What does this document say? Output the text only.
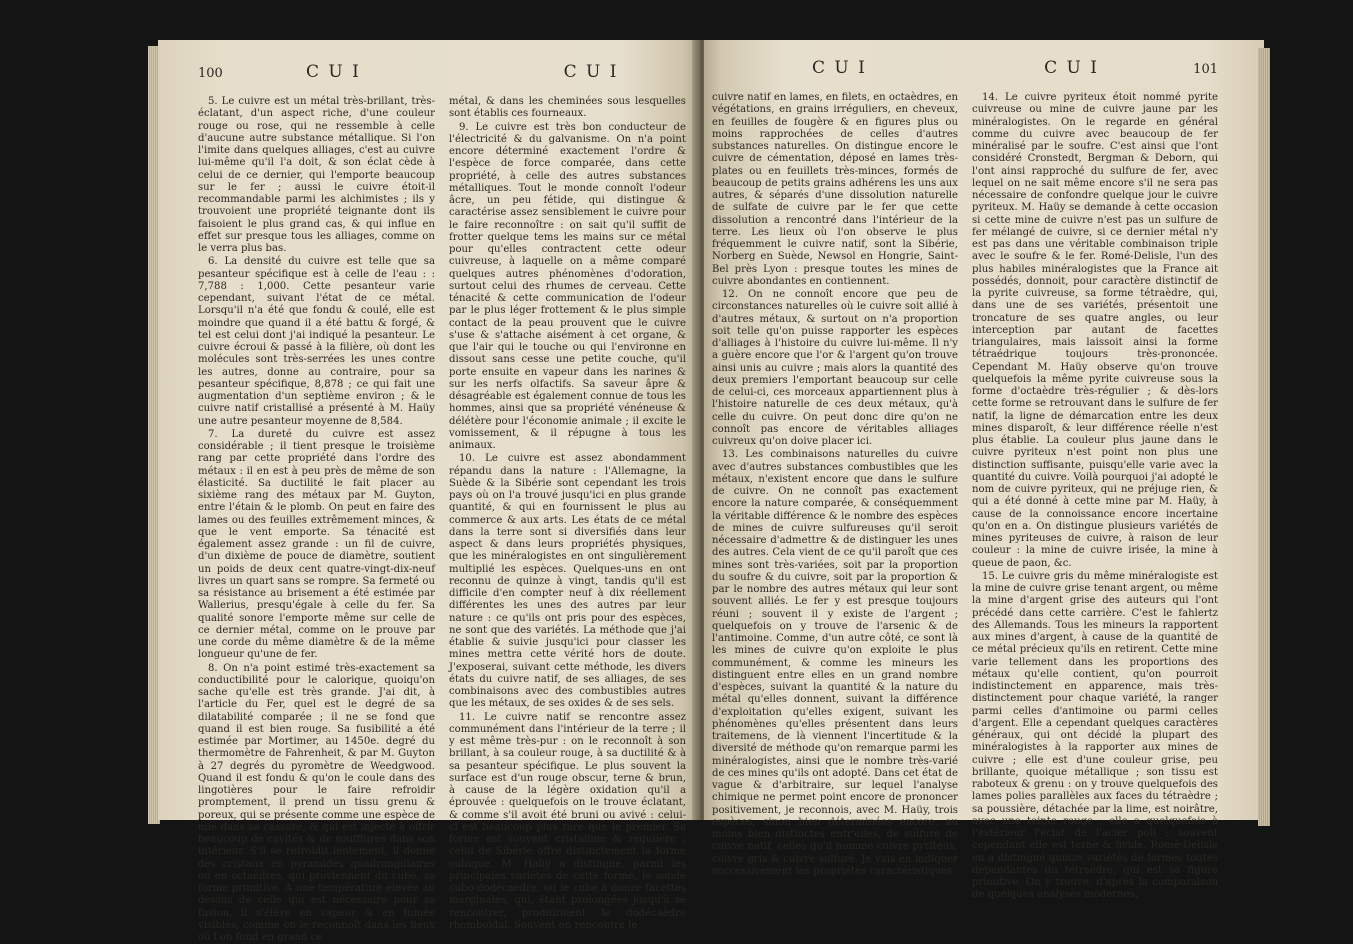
100	C U I	C U I

5. Le cuivre est un métal très-brillant, très-éclatant, d'un aspect riche, d'une couleur rouge ou rose, qui ne ressemble à celle d'aucune autre substance métallique. Si l'on l'imite dans quelques alliages, c'est au cuivre lui-même qu'il l'a doit, & son éclat cède à celui de ce dernier, qui l'emporte beaucoup sur le fer ; aussi le cuivre étoit-il recommandable parmi les alchimistes ; ils y trouvoient une propriété teignante dont ils faisoient le plus grand cas, & qui influe en effet sur presque tous les alliages, comme on le verra plus bas.

6. La densité du cuivre est telle que sa pesanteur spécifique est à celle de l'eau : : 7,788 : 1,000. Cette pesanteur varie cependant, suivant l'état de ce métal. Lorsqu'il n'a été que fondu & coulé, elle est moindre que quand il a été battu & forgé, & tel est celui dont j'ai indiqué la pesanteur. Le cuivre écroui & passé à la filière, où dont les molécules sont très-serrées les unes contre les autres, donne au contraire, pour sa pesanteur spécifique, 8,878 ; ce qui fait une augmentation d'un septième environ ; & le cuivre natif cristallisé a présenté à M. Haüy une autre pesanteur moyenne de 8,584.

7. La dureté du cuivre est assez considérable ; il tient presque le troisième rang par cette propriété dans l'ordre des métaux : il en est à peu près de même de son élasticité. Sa ductilité le fait placer au sixième rang des métaux par M. Guyton, entre l'étain & le plomb. On peut en faire des lames ou des feuilles extrêmement minces, & que le vent emporte. Sa ténacité est également assez grande : un fil de cuivre, d'un dixième de pouce de diamètre, soutient un poids de deux cent quatre-vingt-dix-neuf livres un quart sans se rompre. Sa fermeté ou sa résistance au brisement a été estimée par Wallerius, presqu'égale à celle du fer. Sa qualité sonore l'emporte même sur celle de ce dernier métal, comme on le prouve par une corde du même diamètre & de la même longueur qu'une de fer.

8. On n'a point estimé très-exactement sa conductibilité pour le calorique, quoiqu'on sache qu'elle est très grande. J'ai dit, à l'article du Fer, quel est le degré de sa dilatabilité comparée ; il ne se fond que quand il est bien rouge. Sa fusibilité a été estimée par Mortimer, au 1450e. degré du thermomètre de Fahrenheit, & par M. Guyton à 27 degrés du pyromètre de Weedgwood. Quand il est fondu & qu'on le coule dans des lingotières pour le faire refroidir promptement, il prend un tissu grenu & poreux, qui se présente comme une espèce de mie dans sa cassure, & qui est injecté à offrir beaucoup de cavités & de soufflures dans son intérieur. S'il se refroidit lentement, il donne des cristaux en pyramides quadrangulaires ou en octaèdres, qui proviennent du cube, sa forme primitive. A une température élevée au dessus de celle qui est nécessaire pour sa fusion, il s'élève en vapeur & en fumée visibles, comme on le reconnoît dans les lieux où l'on fond en grand ce

métal, & dans les cheminées sous lesquelles sont établis ces fourneaux.

9. Le cuivre est très bon conducteur de l'électricité & du galvanisme. On n'a point encore déterminé exactement l'ordre & l'espèce de force comparée, dans cette propriété, à celle des autres substances métalliques. Tout le monde connoît l'odeur âcre, un peu fétide, qui distingue & caractérise assez sensiblement le cuivre pour le faire reconnoître : on sait qu'il suffit de frotter quelque tems les mains sur ce métal pour qu'elles contractent cette odeur cuivreuse, à laquelle on a même comparé quelques autres phénomènes d'odoration, surtout celui des rhumes de cerveau. Cette ténacité & cette communication de l'odeur par le plus léger frottement & le plus simple contact de la peau prouvent que le cuivre s'use & s'attache aisément à cet organe, & que l'air qui le touche ou qui l'environne en dissout sans cesse une petite couche, qu'il porte ensuite en vapeur dans les narines & sur les nerfs olfactifs. Sa saveur âpre & désagréable est également connue de tous les hommes, ainsi que sa propriété vénéneuse & délétère pour l'économie animale ; il excite le vomissement, & il répugne à tous les animaux.

10. Le cuivre est assez abondamment répandu dans la nature : l'Allemagne, la Suède & la Sibérie sont cependant les trois pays où on l'a trouvé jusqu'ici en plus grande quantité, & qui en fournissent le plus au commerce & aux arts. Les états de ce métal dans la terre sont si diversifiés dans leur aspect & dans leurs propriétés physiques, que les minéralogistes en ont singulièrement multiplié les espèces. Quelques-uns en ont reconnu de quinze à vingt, tandis qu'il est difficile d'en compter neuf à dix réellement différentes les unes des autres par leur nature : ce qu'ils ont pris pour des espèces, ne sont que des variétés. La méthode que j'ai établie & suivie jusqu'ici pour classer les mines mettra cette vérité hors de doute. J'exposerai, suivant cette méthode, les divers états du cuivre natif, de ses alliages, de ses combinaisons avec des combustibles autres que les métaux, de ses oxides & de ses sels.

11. Le cuivre natif se rencontre assez communément dans l'intérieur de la terre ; il y est même très-pur : on le reconnoît à son brillant, à sa couleur rouge, à sa ductilité & à sa pesanteur spécifique. Le plus souvent la surface est d'un rouge obscur, terne & brun, à cause de la légère oxidation qu'il a éprouvée : quelquefois on le trouve éclatant, & comme s'il avoit été bruni ou avivé : celui-ci est beaucoup plus rare que le premier. Sa forme est souvent cristalline & régulière ; celui de Sibérie offre distinctement la forme cubique. M. Haüy a distingué, parmi les principales variétés de cette forme, le solide cubo-dodécaèdre, ou le cube à douze facettes marginales, qui, étant prolongées jusqu'à se rencontrer, produiroient le dodécaèdre rhomboïdal. Souvent on rencontre le

C U I	C U I	101

cuivre natif en lames, en filets, en octaèdres, en végétations, en grains irréguliers, en cheveux, en feuilles de fougère & en figures plus ou moins rapprochées de celles d'autres substances naturelles. On distingue encore le cuivre de cémentation, déposé en lames très-plates ou en feuillets très-minces, formés de beaucoup de petits grains adhérens les uns aux autres, & séparés d'une dissolution naturelle de sulfate de cuivre par le fer que cette dissolution a rencontré dans l'intérieur de la terre. Les lieux où l'on observe le plus fréquemment le cuivre natif, sont la Sibérie, Norberg en Suède, Newsol en Hongrie, Saint-Bel près Lyon : presque toutes les mines de cuivre abondantes en contiennent.

12. On ne connoît encore que peu de circonstances naturelles où le cuivre soit allié à d'autres métaux, & surtout on n'a proportion soit telle qu'on puisse rapporter les espèces d'alliages à l'histoire du cuivre lui-même. Il n'y a guère encore que l'or & l'argent qu'on trouve ainsi unis au cuivre ; mais alors la quantité des deux premiers l'emportant beaucoup sur celle de celui-ci, ces morceaux appartiennent plus à l'histoire naturelle de ces deux métaux, qu'à celle du cuivre. On peut donc dire qu'on ne connoît pas encore de véritables alliages cuivreux qu'on doive placer ici.

13. Les combinaisons naturelles du cuivre avec d'autres substances combustibles que les métaux, n'existent encore que dans le sulfure de cuivre. On ne connoît pas exactement encore la nature comparée, & conséquemment la véritable différence & le nombre des espèces de mines de cuivre sulfureuses qu'il seroit nécessaire d'admettre & de distinguer les unes des autres. Cela vient de ce qu'il paroît que ces mines sont très-variées, soit par la proportion du soufre & du cuivre, soit par la proportion & par le nombre des autres métaux qui leur sont souvent alliés. Le fer y est presque toujours réuni ; souvent il y existe de l'argent ; quelquefois on y trouve de l'arsenic & de l'antimoine. Comme, d'un autre côté, ce sont là les mines de cuivre qu'on exploite le plus communément, & comme les mineurs les distinguent entre elles en un grand nombre d'espèces, suivant la quantité & la nature du métal qu'elles donnent, suivant la différence d'exploitation qu'elles exigent, suivant les phénomènes qu'elles présentent dans leurs traitemens, de là viennent l'incertitude & la diversité de méthode qu'on remarque parmi les minéralogistes, ainsi que le nombre très-varié de ces mines qu'ils ont adopté. Dans cet état de vague & d'arbitraire, sur lequel l'analyse chimique ne permet point encore de prononcer positivement, je reconnois, avec M. Haüy, trois espèces, sinon bien déterminées encore, au moins bien distinctes entr'elles, de sulfure de cuivre natif, celles qu'il nomme cuivre pyriteux, cuivre gris & cuivre sulfuré. Je vais en indiquer successivement les propriétés caractéristiques.

14. Le cuivre pyriteux étoit nommé pyrite cuivreuse ou mine de cuivre jaune par les minéralogistes. On le regarde en général comme du cuivre avec beaucoup de fer minéralisé par le soufre. C'est ainsi que l'ont considéré Cronstedt, Bergman & Deborn, qui l'ont ainsi rapproché du sulfure de fer, avec lequel on ne sait même encore s'il ne sera pas nécessaire de confondre quelque jour le cuivre pyriteux. M. Haüy se demande à cette occasion si cette mine de cuivre n'est pas un sulfure de fer mélangé de cuivre, si ce dernier métal n'y est pas dans une véritable combinaison triple avec le soufre & le fer. Romé-Delisle, l'un des plus habiles minéralogistes que la France ait possédés, donnoit, pour caractère distinctif de la pyrite cuivreuse, sa forme tétraèdre, qui, dans une de ses variétés, présentoit une troncature de ses quatre angles, ou leur interception par autant de facettes triangulaires, mais laissoit ainsi la forme tétraédrique toujours très-prononcée. Cependant M. Haüy observe qu'on trouve quelquefois la même pyrite cuivreuse sous la forme d'octaèdre très-régulier ; & dès-lors cette forme se retrouvant dans le sulfure de fer natif, la ligne de démarcation entre les deux mines disparoît, & leur différence réelle n'est plus établie. La couleur plus jaune dans le cuivre pyriteux n'est point non plus une distinction suffisante, puisqu'elle varie avec la quantité du cuivre. Voilà pourquoi j'ai adopté le nom de cuivre pyriteux, qui ne préjuge rien, & qui a été donné à cette mine par M. Haüy, à cause de la connoissance encore incertaine qu'on en a. On distingue plusieurs variétés de mines pyriteuses de cuivre, à raison de leur couleur : la mine de cuivre irisée, la mine à queue de paon, &c.

15. Le cuivre gris du même minéralogiste est la mine de cuivre grise tenant argent, ou même la mine d'argent grise des auteurs qui l'ont précédé dans cette carrière. C'est le fahlertz des Allemands. Tous les mineurs la rapportent aux mines d'argent, à cause de la quantité de ce métal précieux qu'ils en retirent. Cette mine varie tellement dans les proportions des métaux qu'elle contient, qu'on pourroit indistinctement en apparence, mais très-distinctement pour chaque variété, la ranger parmi celles d'antimoine ou parmi celles d'argent. Elle a cependant quelques caractères généraux, qui ont décidé la plupart des minéralogistes à la rapporter aux mines de cuivre ; elle est d'une couleur grise, peu brillante, quoique métallique ; son tissu est raboteux & grenu : on y trouve quelquefois des lames polies parallèles aux faces du tétraèdre ; sa poussière, détachée par la lime, est noirâtre, avec une teinte rouge ; elle a quelquefois à l'extérieur l'éclat de l'acier poli ; souvent cependant elle est terne & livide. Romé-Delisle en a distingué quinze variétés de formes toutes dépendantes du tétraèdre, qui est sa figure primitive. On y trouve, d'après la comparaison de quelques analyses modernes,
